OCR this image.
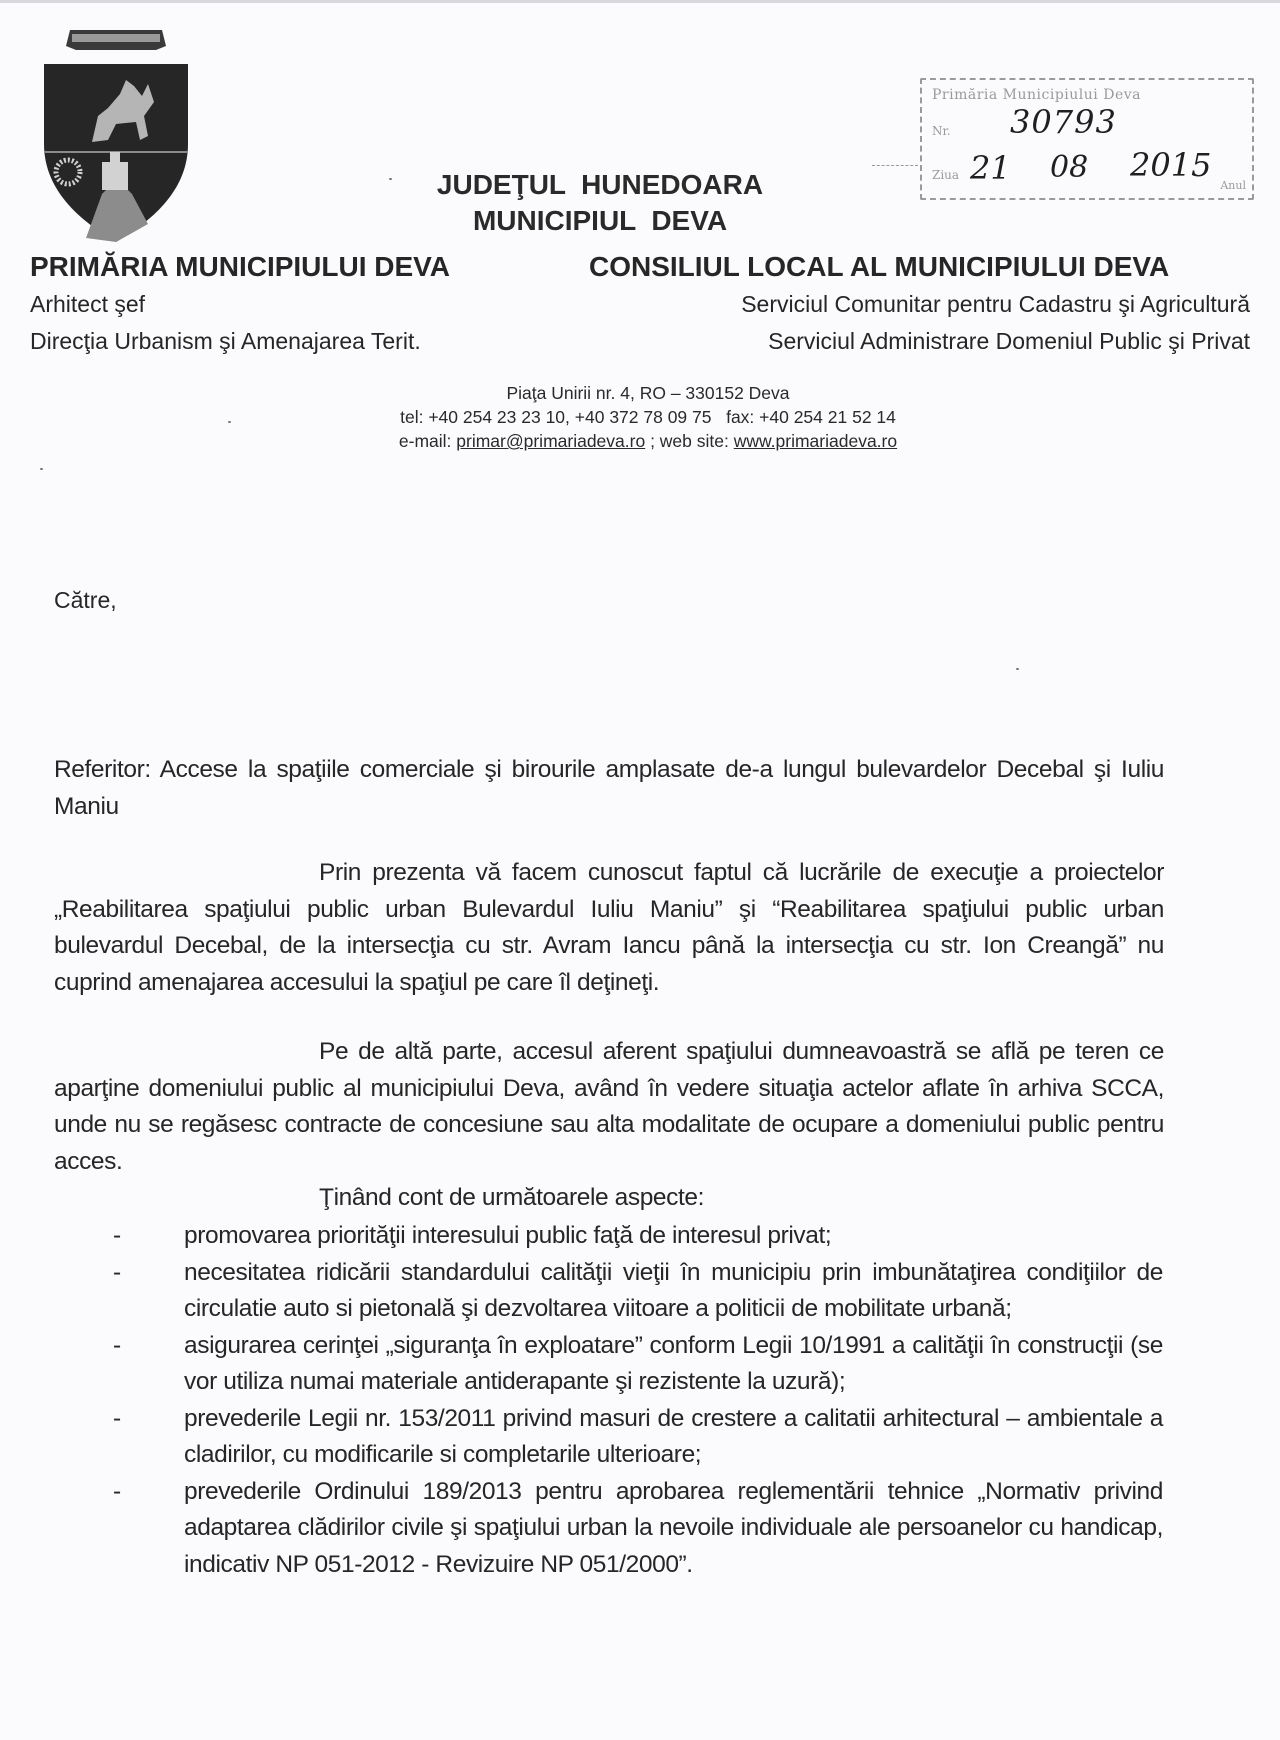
Primăria Municipiului Deva
Nr.
Ziua
Anul
30793
21 08 2015
JUDEŢUL  HUNEDOARA
MUNICIPIUL  DEVA
PRIMĂRIA MUNICIPIULUI DEVA
Arhitect şef
Direcţia Urbanism şi Amenajarea Terit.
CONSILIUL LOCAL AL MUNICIPIULUI DEVA
Serviciul Comunitar pentru Cadastru şi Agricultură
Serviciul Administrare Domeniul Public şi Privat
Piaţa Unirii nr. 4, RO – 330152 Deva
tel: +40 254 23 23 10, +40 372 78 09 75   fax: +40 254 21 52 14
e-mail: primar@primariadeva.ro ; web site: www.primariadeva.ro
Către,
Referitor: Accese la spaţiile comerciale şi birourile amplasate de-a lungul bulevardelor Decebal şi Iuliu Maniu
Prin prezenta vă facem cunoscut faptul că lucrările de execuţie a proiectelor „Reabilitarea spaţiului public urban Bulevardul Iuliu Maniu” şi “Reabilitarea spaţiului public urban bulevardul Decebal, de la intersecţia cu str. Avram Iancu până la intersecţia cu str. Ion Creangă” nu cuprind amenajarea accesului la spaţiul pe care îl deţineţi.
Pe de altă parte, accesul aferent spaţiului dumneavoastră se află pe teren ce aparţine domeniului public al municipiului Deva, având în vedere situaţia actelor aflate în arhiva SCCA, unde nu se regăsesc contracte de concesiune sau alta modalitate de ocupare a domeniului public pentru acces.
Ţinând cont de următoarele aspecte:
-	promovarea priorităţii interesului public faţă de interesul privat;
-	necesitatea ridicării standardului calităţii vieţii în municipiu prin imbunătaţirea condiţiilor de circulatie auto si pietonală şi dezvoltarea viitoare a politicii de mobilitate urbană;
-	asigurarea cerinţei „siguranţa în exploatare” conform Legii 10/1991 a calităţii în construcţii (se vor utiliza numai materiale antiderapante şi rezistente la uzură);
-	prevederile Legii nr. 153/2011 privind masuri de crestere a calitatii arhitectural – ambientale a cladirilor, cu modificarile si completarile ulterioare;
-	prevederile Ordinului 189/2013 pentru aprobarea reglementării tehnice „Normativ privind adaptarea clădirilor civile şi spaţiului urban la nevoile individuale ale persoanelor cu handicap, indicativ NP 051-2012 - Revizuire NP 051/2000”.
